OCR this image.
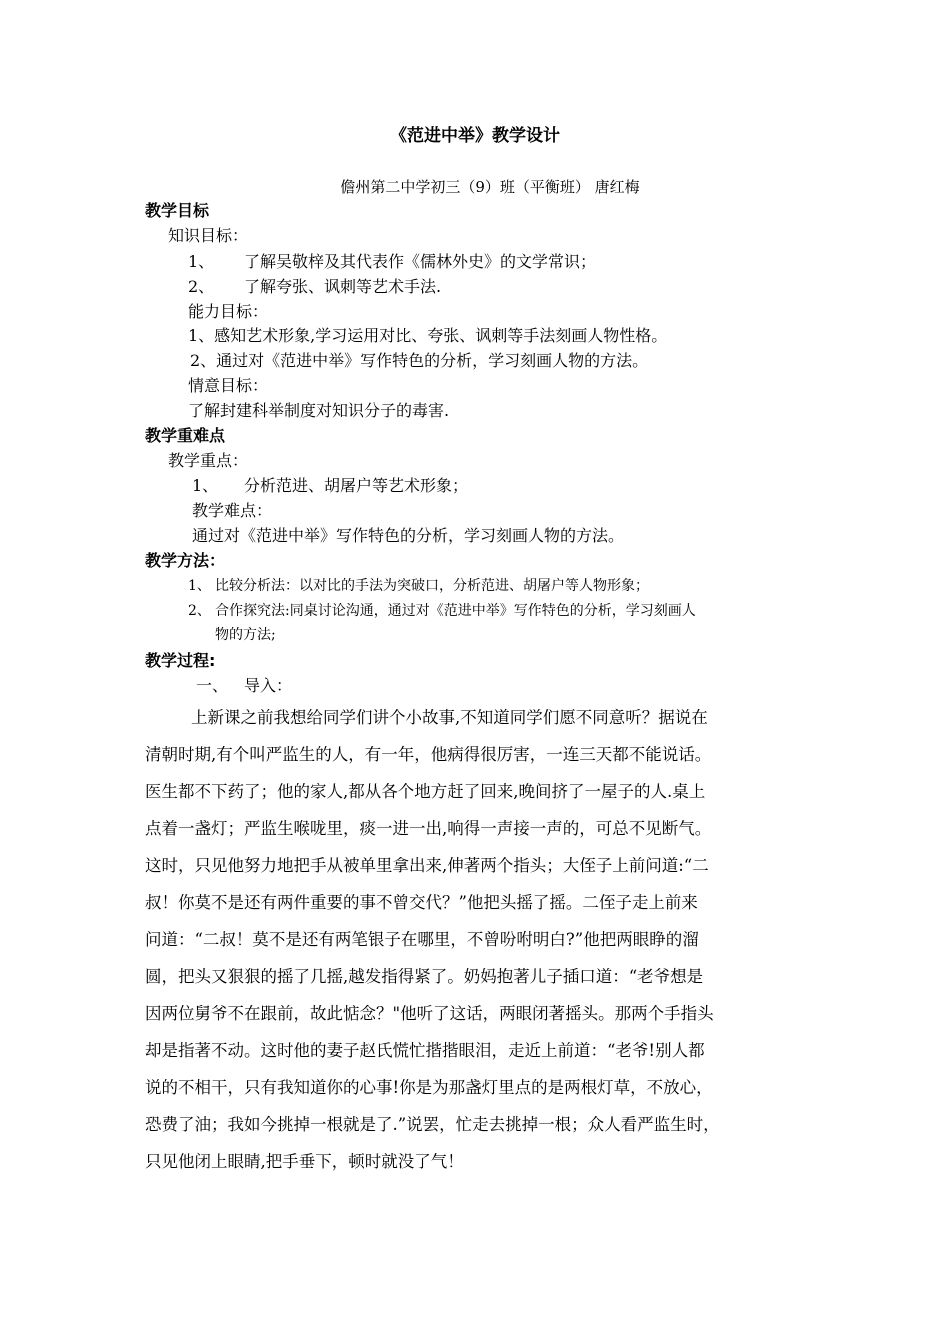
《范进中举》教学设计
儋州第二中学初三（9）班（平衡班） 唐红梅
教学目标
知识目标：
1、 了解吴敬梓及其代表作《儒林外史》的文学常识；
2、 了解夸张、讽刺等艺术手法.
能力目标：
1、感知艺术形象,学习运用对比、夸张、讽刺等手法刻画人物性格。
2、通过对《范进中举》写作特色的分析，学习刻画人物的方法。
情意目标：
了解封建科举制度对知识分子的毒害.
教学重难点
教学重点：
1、 分析范进、胡屠户等艺术形象；
教学难点：
通过对《范进中举》写作特色的分析，学习刻画人物的方法。
教学方法：
1、 比较分析法：以对比的手法为突破口，分析范进、胡屠户等人物形象；
2、 合作探究法:同桌讨论沟通，通过对《范进中举》写作特色的分析，学习刻画人
物的方法;
教学过程:
一、 导入：
上新课之前我想给同学们讲个小故事,不知道同学们愿不同意听？据说在
清朝时期,有个叫严监生的人，有一年，他病得很厉害，一连三天都不能说话。
医生都不下药了；他的家人,都从各个地方赶了回来,晚间挤了一屋子的人.桌上
点着一盏灯；严监生喉咙里，痰一进一出,响得一声接一声的，可总不见断气。
这时，只见他努力地把手从被单里拿出来,伸著两个指头；大侄子上前问道:“二
叔！你莫不是还有两件重要的事不曾交代？”他把头摇了摇。二侄子走上前来
问道：“二叔！莫不是还有两笔银子在哪里，不曾吩咐明白?”他把两眼睁的溜
圆，把头又狠狠的摇了几摇,越发指得紧了。奶妈抱著儿子插口道：“老爷想是
因两位舅爷不在跟前，故此惦念？"他听了这话，两眼闭著摇头。那两个手指头
却是指著不动。这时他的妻子赵氏慌忙揩揩眼泪，走近上前道：“老爷!别人都
说的不相干，只有我知道你的心事!你是为那盏灯里点的是两根灯草，不放心，
恐费了油；我如今挑掉一根就是了.”说罢，忙走去挑掉一根；众人看严监生时，
只见他闭上眼睛,把手垂下，顿时就没了气！
